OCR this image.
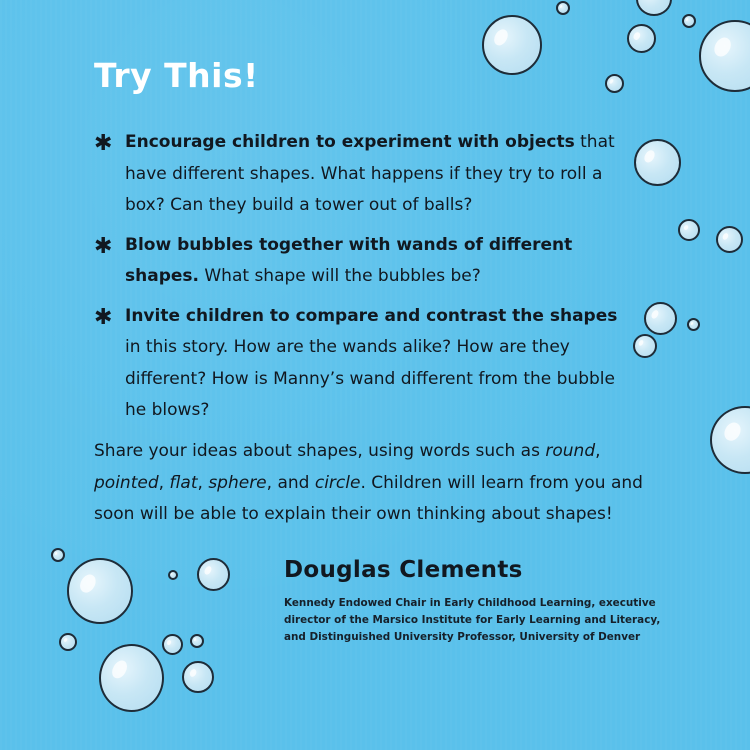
Try This!
✱ Encourage children to experiment with objects that have different shapes. What happens if they try to roll a box? Can they build a tower out of balls?
✱ Blow bubbles together with wands of different shapes. What shape will the bubbles be?
✱ Invite children to compare and contrast the shapes in this story. How are the wands alike? How are they different? How is Manny’s wand different from the bubble he blows?
Share your ideas about shapes, using words such as round, pointed, flat, sphere, and circle. Children will learn from you and soon will be able to explain their own thinking about shapes!
Douglas Clements
Kennedy Endowed Chair in Early Childhood Learning, executive director of the Marsico Institute for Early Learning and Literacy, and Distinguished University Professor, University of Denver
